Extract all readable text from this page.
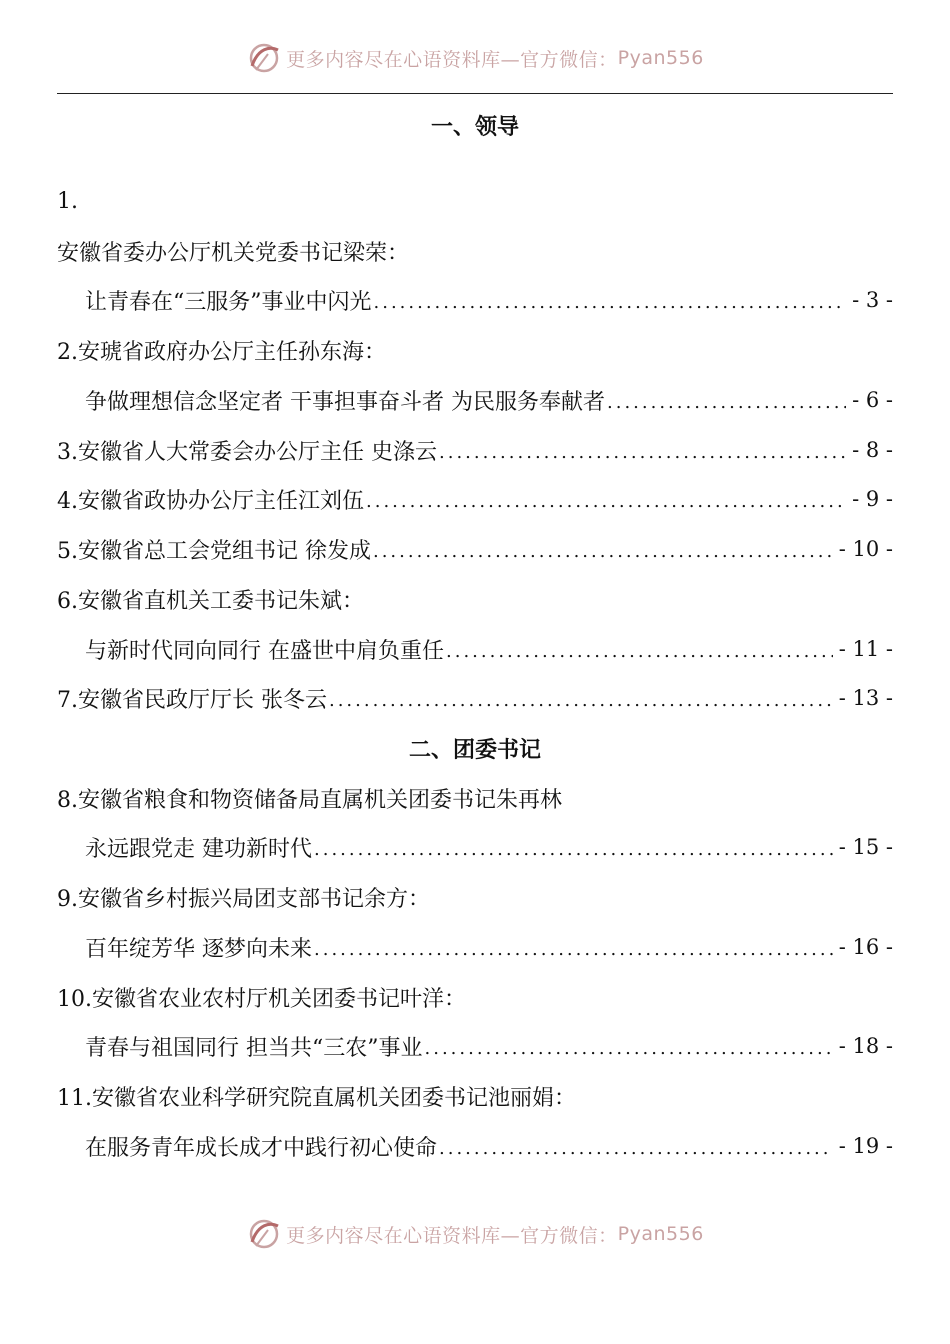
更多内容尽在心语资料库—官方微信： Pyan556
一、领导
1.
安徽省委办公厅机关党委书记梁荣：
让青春在“三服务”事业中闪光 .....	- 3 -
2.安琥省政府办公厅主任孙东海：
争做理想信念坚定者 干事担事奋斗者 为民服务奉献者 .....	- 6 -
3.安徽省人大常委会办公厅主任 史涤云 .....	- 8 -
4.安徽省政协办公厅主任江刘伍 .....	- 9 -
5.安徽省总工会党组书记 徐发成 .....	- 10 -
6.安徽省直机关工委书记朱斌：
与新时代同向同行 在盛世中肩负重任 .....	- 11 -
7.安徽省民政厅厅长 张冬云 .....	- 13 -
二、团委书记
8.安徽省粮食和物资储备局直属机关团委书记朱再林
永远跟党走 建功新时代 .....	- 15 -
9.安徽省乡村振兴局团支部书记余方：
百年绽芳华 逐梦向未来 .....	- 16 -
10.安徽省农业农村厅机关团委书记叶洋：
青春与祖国同行 担当共“三农”事业 .....	- 18 -
11.安徽省农业科学研究院直属机关团委书记池丽娟：
在服务青年成长成才中践行初心使命 .....	- 19 -
更多内容尽在心语资料库—官方微信： Pyan556
